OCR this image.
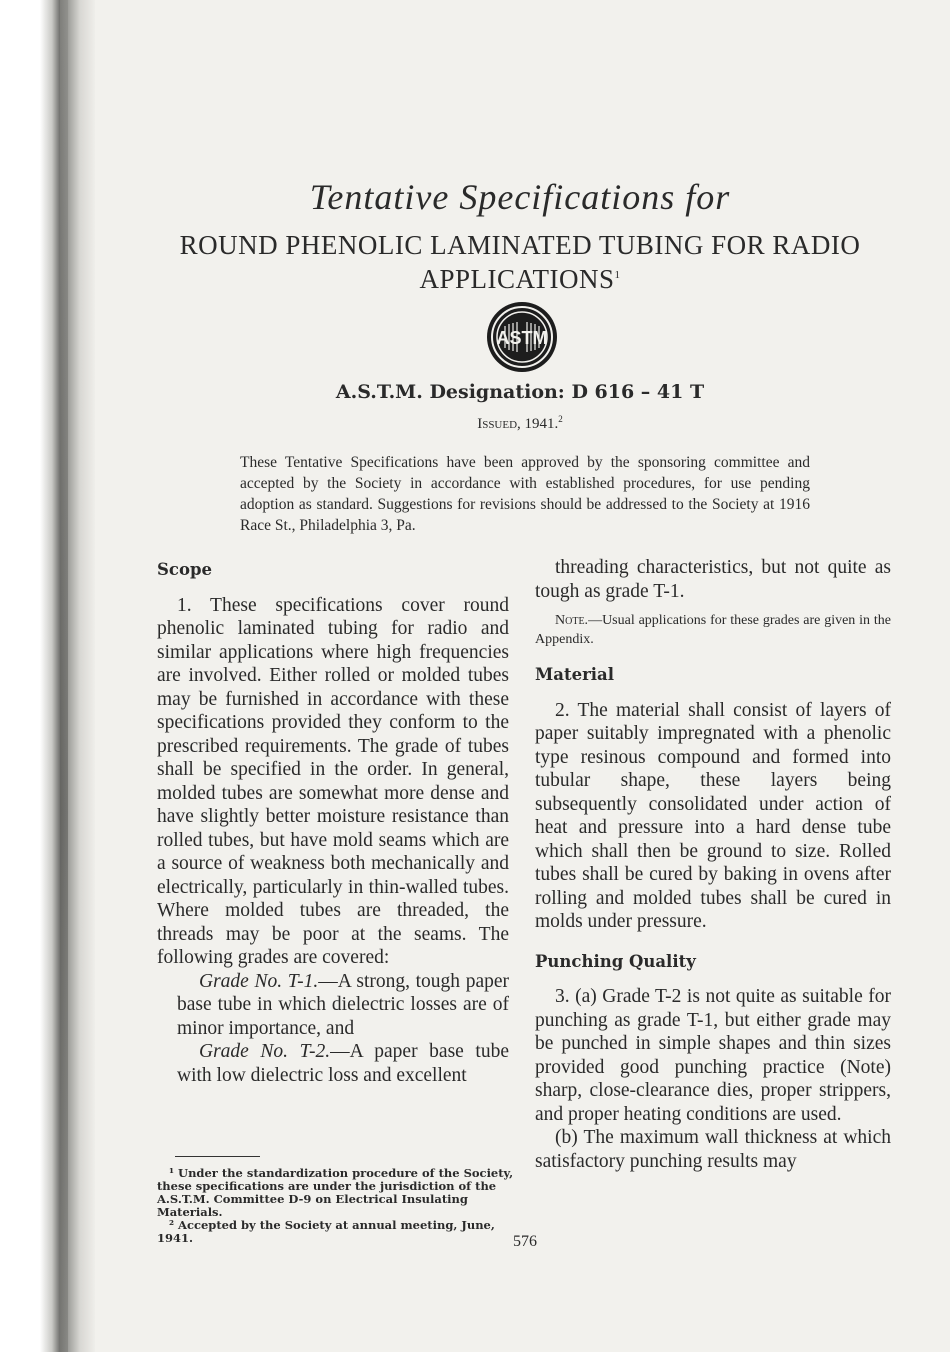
Tentative Specifications for
ROUND PHENOLIC LAMINATED TUBING FOR RADIO
APPLICATIONS$^1$
ASTM
A.S.T.M. Designation: D 616 – 41 T
Issued, 1941.$^2$
These Tentative Specifications have been approved by the sponsoring committee and accepted by the Society in accordance with established procedures, for use pending adoption as standard. Suggestions for revisions should be addressed to the Society at 1916 Race St., Philadelphia 3, Pa.
Scope

1. These specifications cover round phenolic laminated tubing for radio and similar applications where high frequencies are involved. Either rolled or molded tubes may be furnished in accordance with these specifications provided they conform to the prescribed requirements. The grade of tubes shall be specified in the order. In general, molded tubes are somewhat more dense and have slightly better moisture resistance than rolled tubes, but have mold seams which are a source of weakness both mechanically and electrically, particularly in thin-walled tubes. Where molded tubes are threaded, the threads may be poor at the seams. The following grades are covered:

Grade No. T-1.—A strong, tough paper base tube in which dielectric losses are of minor importance, and

Grade No. T-2.—A paper base tube with low dielectric loss and excellent

¹ Under the standardization procedure of the Society, these specifications are under the jurisdiction of the A.S.T.M. Committee D-9 on Electrical Insulating Materials.

² Accepted by the Society at annual meeting, June, 1941.

threading characteristics, but not quite as tough as grade T-1.

Note.—Usual applications for these grades are given in the Appendix.

Material

2. The material shall consist of layers of paper suitably impregnated with a phenolic type resinous compound and formed into tubular shape, these layers being subsequently consolidated under action of heat and pressure into a hard dense tube which shall then be ground to size. Rolled tubes shall be cured by baking in ovens after rolling and molded tubes shall be cured in molds under pressure.

Punching Quality

3. (a) Grade T-2 is not quite as suitable for punching as grade T-1, but either grade may be punched in simple shapes and thin sizes provided good punching practice (Note) sharp, close-clearance dies, proper strippers, and proper heating conditions are used.

(b) The maximum wall thickness at which satisfactory punching results may

576
